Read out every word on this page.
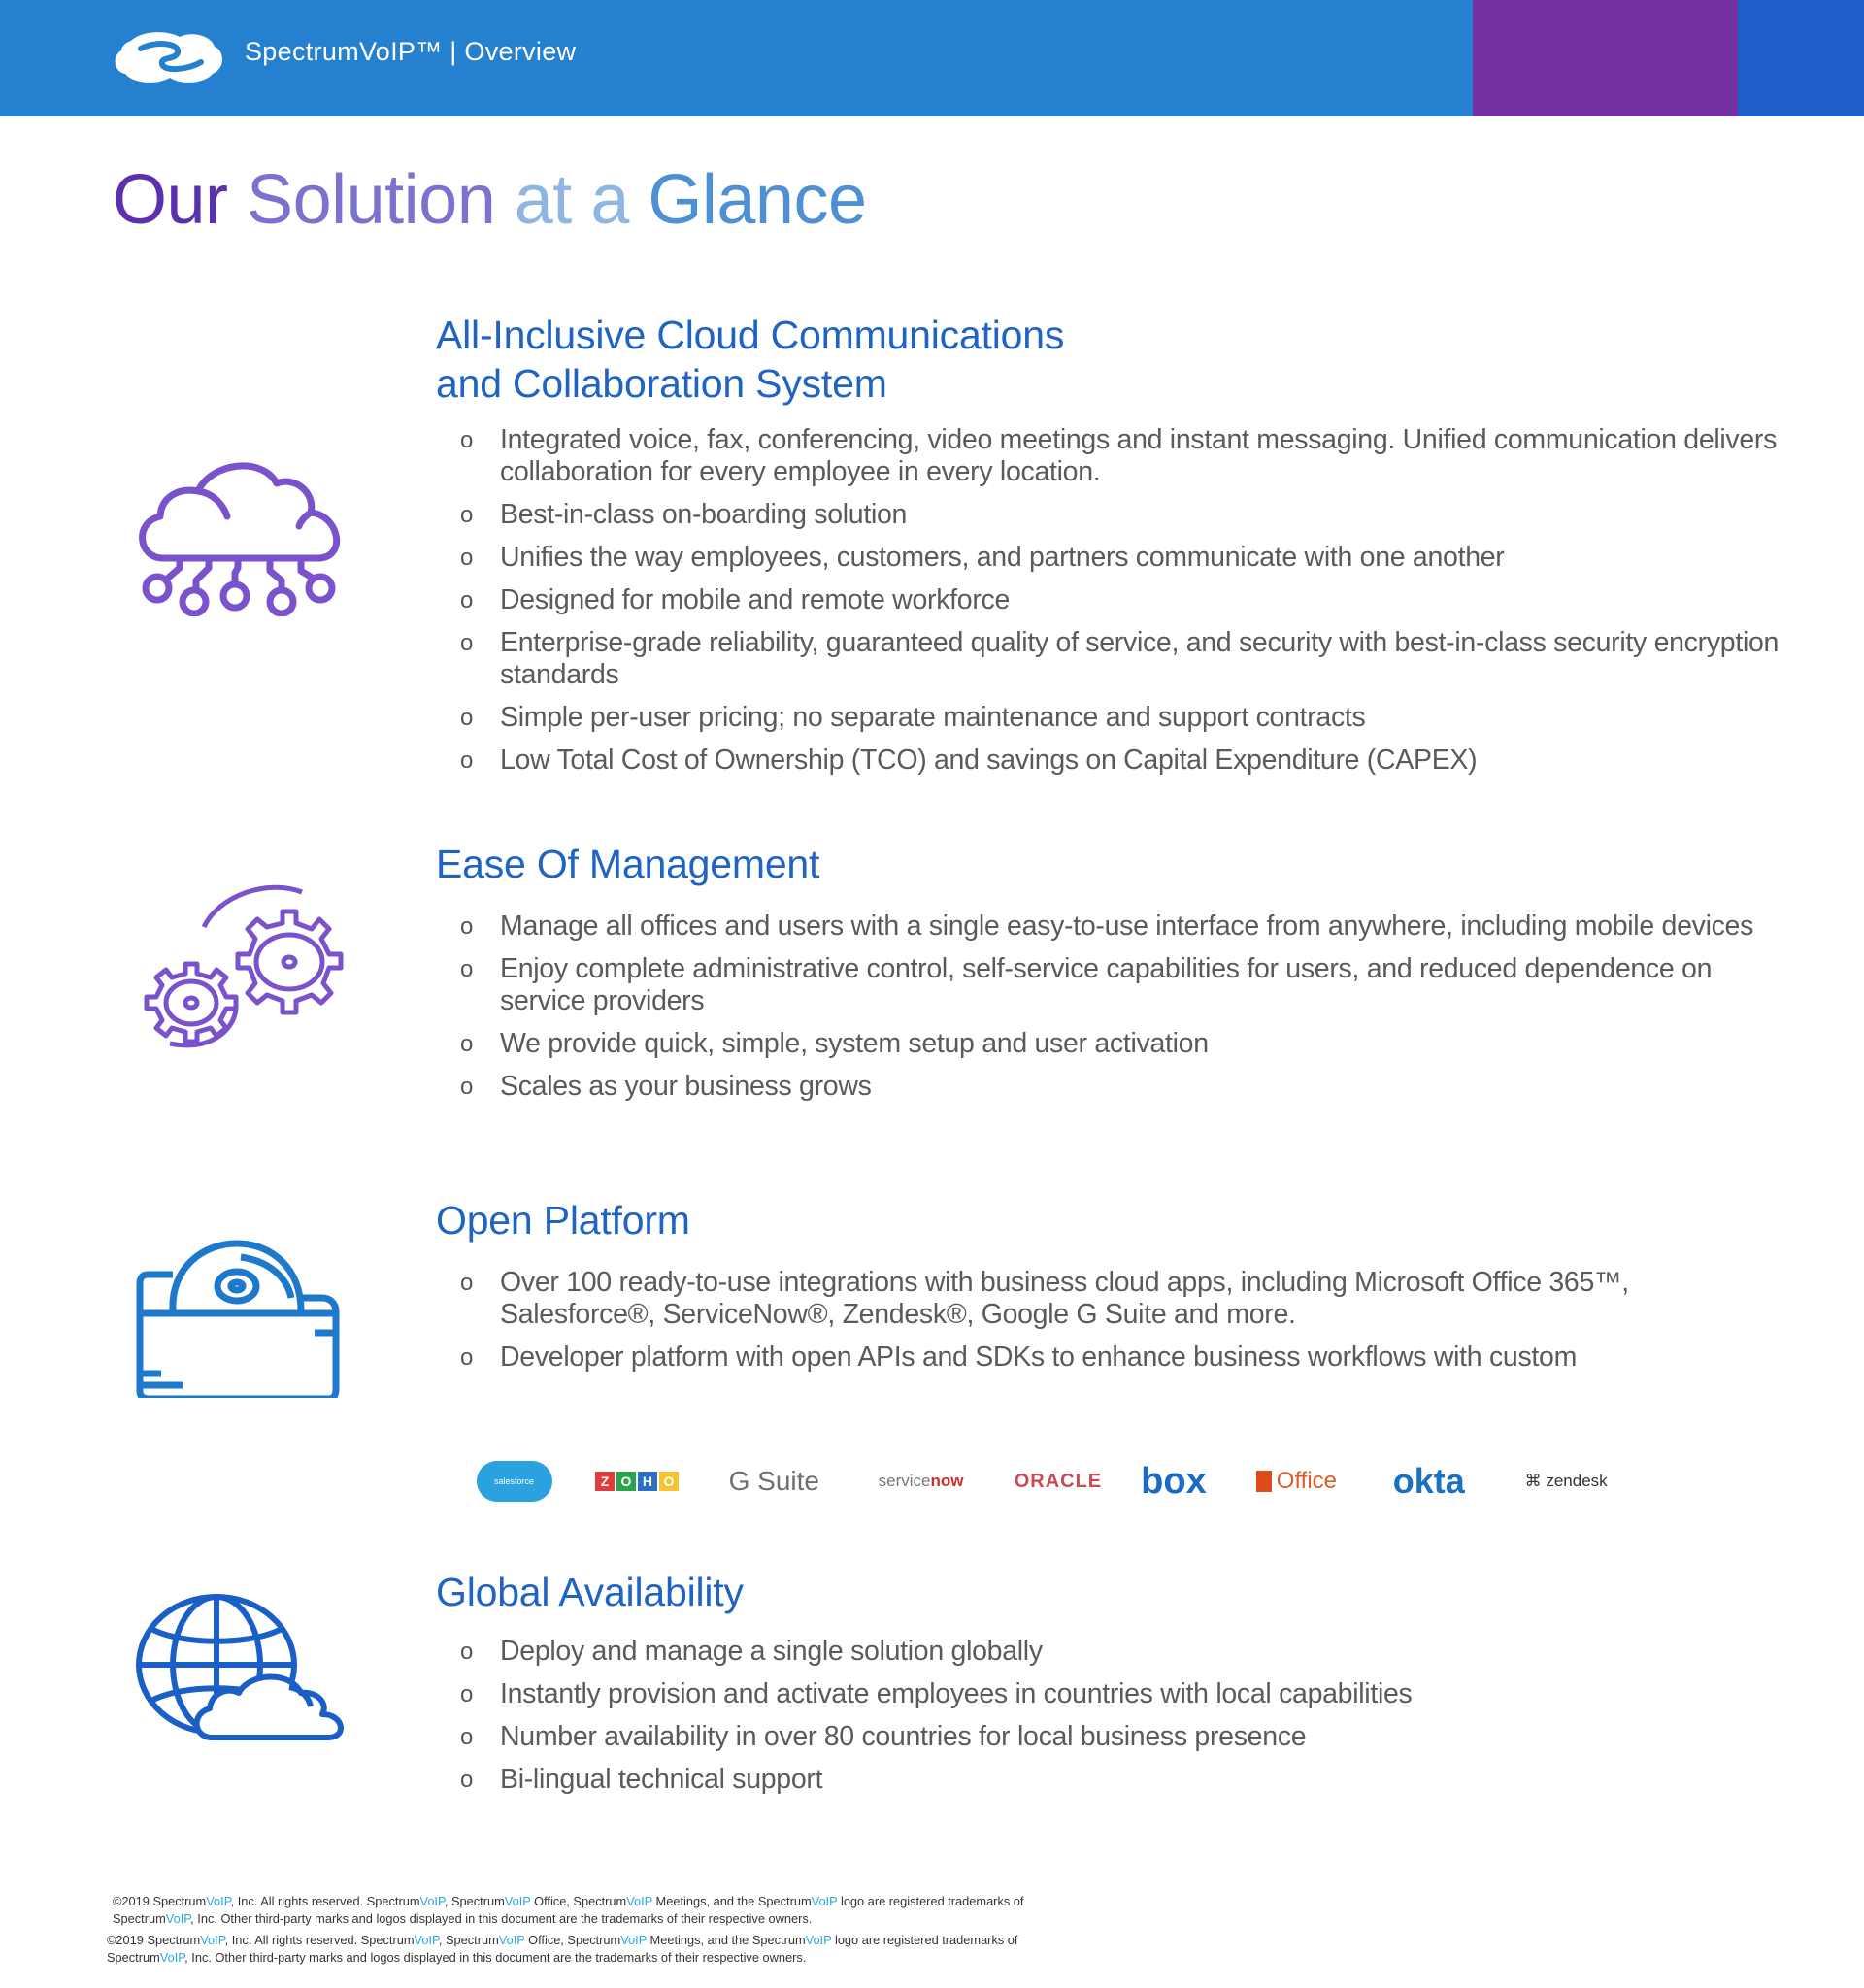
SpectrumVoIP™ | Overview
Our Solution at a Glance
All-Inclusive Cloud Communications
and Collaboration System
o Integrated voice, fax, conferencing, video meetings and instant messaging. Unified communication delivers collaboration for every employee in every location.
o Best-in-class on-boarding solution
o Unifies the way employees, customers, and partners communicate with one another
o Designed for mobile and remote workforce
o Enterprise-grade reliability, guaranteed quality of service, and security with best-in-class security encryption standards
o Simple per-user pricing; no separate maintenance and support contracts
o Low Total Cost of Ownership (TCO) and savings on Capital Expenditure (CAPEX)
Ease Of Management
o Manage all offices and users with a single easy-to-use interface from anywhere, including mobile devices
o Enjoy complete administrative control, self-service capabilities for users, and reduced dependence on service providers
o We provide quick, simple, system setup and user activation
o Scales as your business grows
Open Platform
o Over 100 ready-to-use integrations with business cloud apps, including Microsoft Office 365™, Salesforce®, ServiceNow®, Zendesk®, Google G Suite and more.
o Developer platform with open APIs and SDKs to enhance business workflows with custom
salesforce	Z O H O	G Suite	service now	ORACLE	box	Office	okta	⌘ zendesk
Global Availability
o Deploy and manage a single solution globally
o Instantly provision and activate employees in countries with local capabilities
o Number availability in over 80 countries for local business presence
o Bi-lingual technical support
©2019 SpectrumVoIP, Inc. All rights reserved. SpectrumVoIP, SpectrumVoIP Office, SpectrumVoIP Meetings, and the SpectrumVoIP logo are registered trademarks of
SpectrumVoIP, Inc. Other third-party marks and logos displayed in this document are the trademarks of their respective owners.
©2019 SpectrumVoIP, Inc. All rights reserved. SpectrumVoIP, SpectrumVoIP Office, SpectrumVoIP Meetings, and the SpectrumVoIP logo are registered trademarks of
SpectrumVoIP, Inc. Other third-party marks and logos displayed in this document are the trademarks of their respective owners.
